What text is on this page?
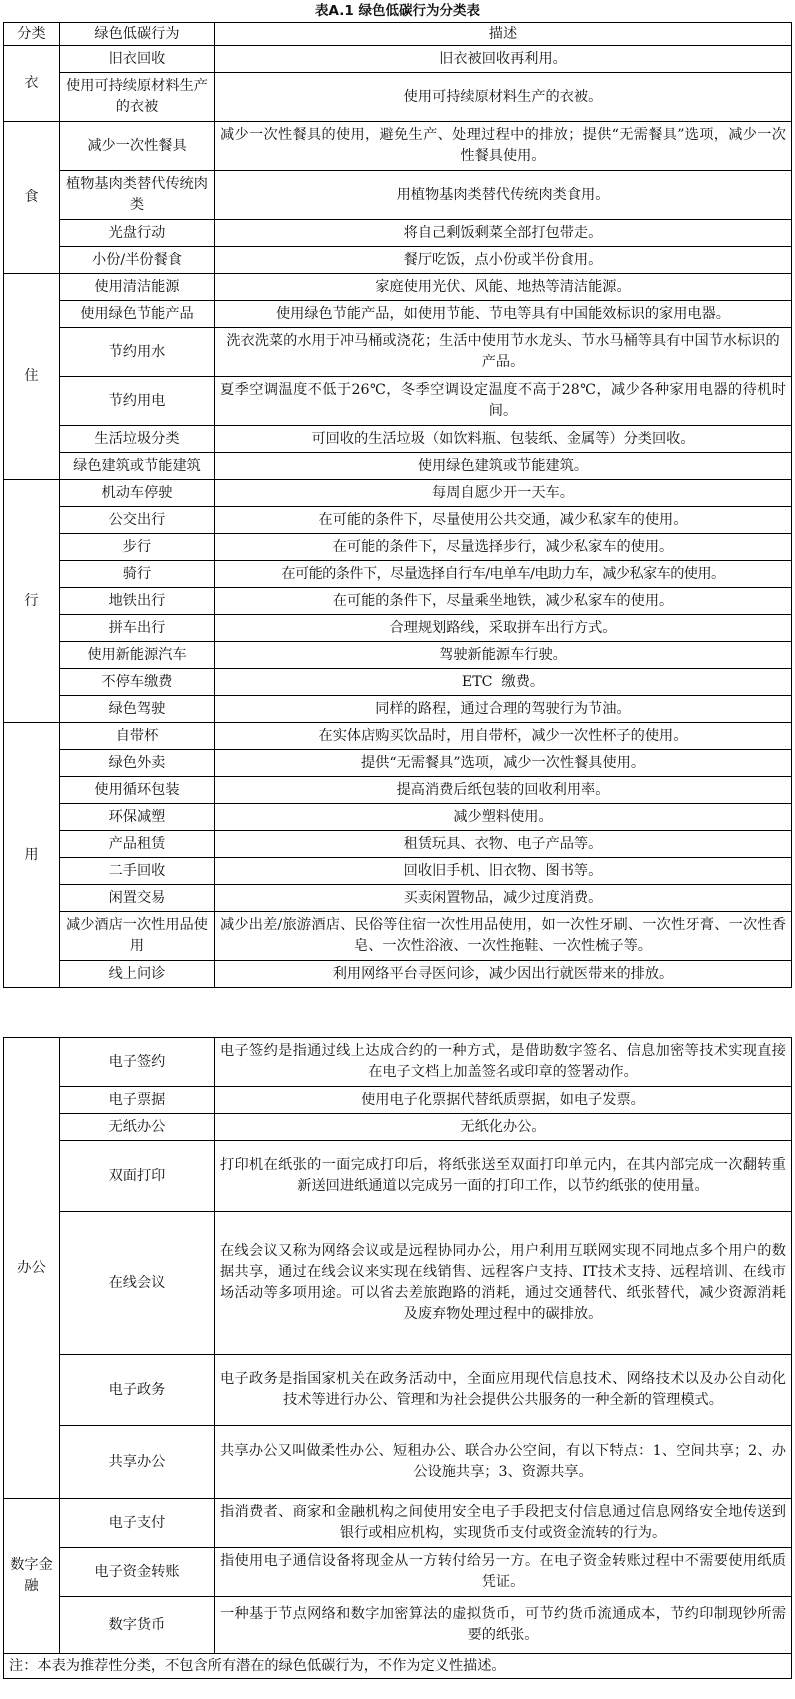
表A.1 绿色低碳行为分类表
分类	绿色低碳行为	描述
衣	旧衣回收	旧衣被回收再利用。
	使用可持续原材料生产的衣被	使用可持续原材料生产的衣被。
食	减少一次性餐具	减少一次性餐具的使用，避免生产、处理过程中的排放；提供“无需餐具”选项，减少一次性餐具使用。
	植物基肉类替代传统肉类	用植物基肉类替代传统肉类食用。
	光盘行动	将自己剩饭剩菜全部打包带走。
	小份/半份餐食	餐厅吃饭，点小份或半份食用。
住	使用清洁能源	家庭使用光伏、风能、地热等清洁能源。
	使用绿色节能产品	使用绿色节能产品，如使用节能、节电等具有中国能效标识的家用电器。
	节约用水	洗衣洗菜的水用于冲马桶或浇花；生活中使用节水龙头、节水马桶等具有中国节水标识的产品。
	节约用电	夏季空调温度不低于26℃，冬季空调设定温度不高于28℃，减少各种家用电器的待机时间。
	生活垃圾分类	可回收的生活垃圾（如饮料瓶、包装纸、金属等）分类回收。
	绿色建筑或节能建筑	使用绿色建筑或节能建筑。
行	机动车停驶	每周自愿少开一天车。
	公交出行	在可能的条件下，尽量使用公共交通，减少私家车的使用。
	步行	在可能的条件下，尽量选择步行，减少私家车的使用。
	骑行	在可能的条件下，尽量选择自行车/电单车/电助力车，减少私家车的使用。
	地铁出行	在可能的条件下，尽量乘坐地铁，减少私家车的使用。
	拼车出行	合理规划路线，采取拼车出行方式。
	使用新能源汽车	驾驶新能源车行驶。
	不停车缴费	ETC  缴费。
	绿色驾驶	同样的路程，通过合理的驾驶行为节油。
用	自带杯	在实体店购买饮品时，用自带杯，减少一次性杯子的使用。
	绿色外卖	提供“无需餐具”选项，减少一次性餐具使用。
	使用循环包装	提高消费后纸包装的回收利用率。
	环保减塑	减少塑料使用。
	产品租赁	租赁玩具、衣物、电子产品等。
	二手回收	回收旧手机、旧衣物、图书等。
	闲置交易	买卖闲置物品，减少过度消费。
	减少酒店一次性用品使用	减少出差/旅游酒店、民俗等住宿一次性用品使用，如一次性牙刷、一次性牙膏、一次性香皂、一次性浴液、一次性拖鞋、一次性梳子等。
	线上问诊	利用网络平台寻医问诊，减少因出行就医带来的排放。
办公	电子签约	电子签约是指通过线上达成合约的一种方式，是借助数字签名、信息加密等技术实现直接在电子文档上加盖签名或印章的签署动作。
	电子票据	使用电子化票据代替纸质票据，如电子发票。
	无纸办公	无纸化办公。
	双面打印	打印机在纸张的一面完成打印后，将纸张送至双面打印单元内，在其内部完成一次翻转重新送回进纸通道以完成另一面的打印工作，以节约纸张的使用量。
	在线会议	在线会议又称为网络会议或是远程协同办公，用户利用互联网实现不同地点多个用户的数据共享，通过在线会议来实现在线销售、远程客户支持、IT技术支持、远程培训、在线市场活动等多项用途。可以省去差旅跑路的消耗，通过交通替代、纸张替代，减少资源消耗及废弃物处理过程中的碳排放。
	电子政务	电子政务是指国家机关在政务活动中，全面应用现代信息技术、网络技术以及办公自动化技术等进行办公、管理和为社会提供公共服务的一种全新的管理模式。
	共享办公	共享办公又叫做柔性办公、短租办公、联合办公空间，有以下特点：1、空间共享；2、办公设施共享；3、资源共享。
数字金融	电子支付	指消费者、商家和金融机构之间使用安全电子手段把支付信息通过信息网络安全地传送到银行或相应机构，实现货币支付或资金流转的行为。
	电子资金转账	指使用电子通信设备将现金从一方转付给另一方。在电子资金转账过程中不需要使用纸质凭证。
	数字货币	一种基于节点网络和数字加密算法的虚拟货币，可节约货币流通成本，节约印制现钞所需要的纸张。
注：本表为推荐性分类，不包含所有潜在的绿色低碳行为，不作为定义性描述。		
